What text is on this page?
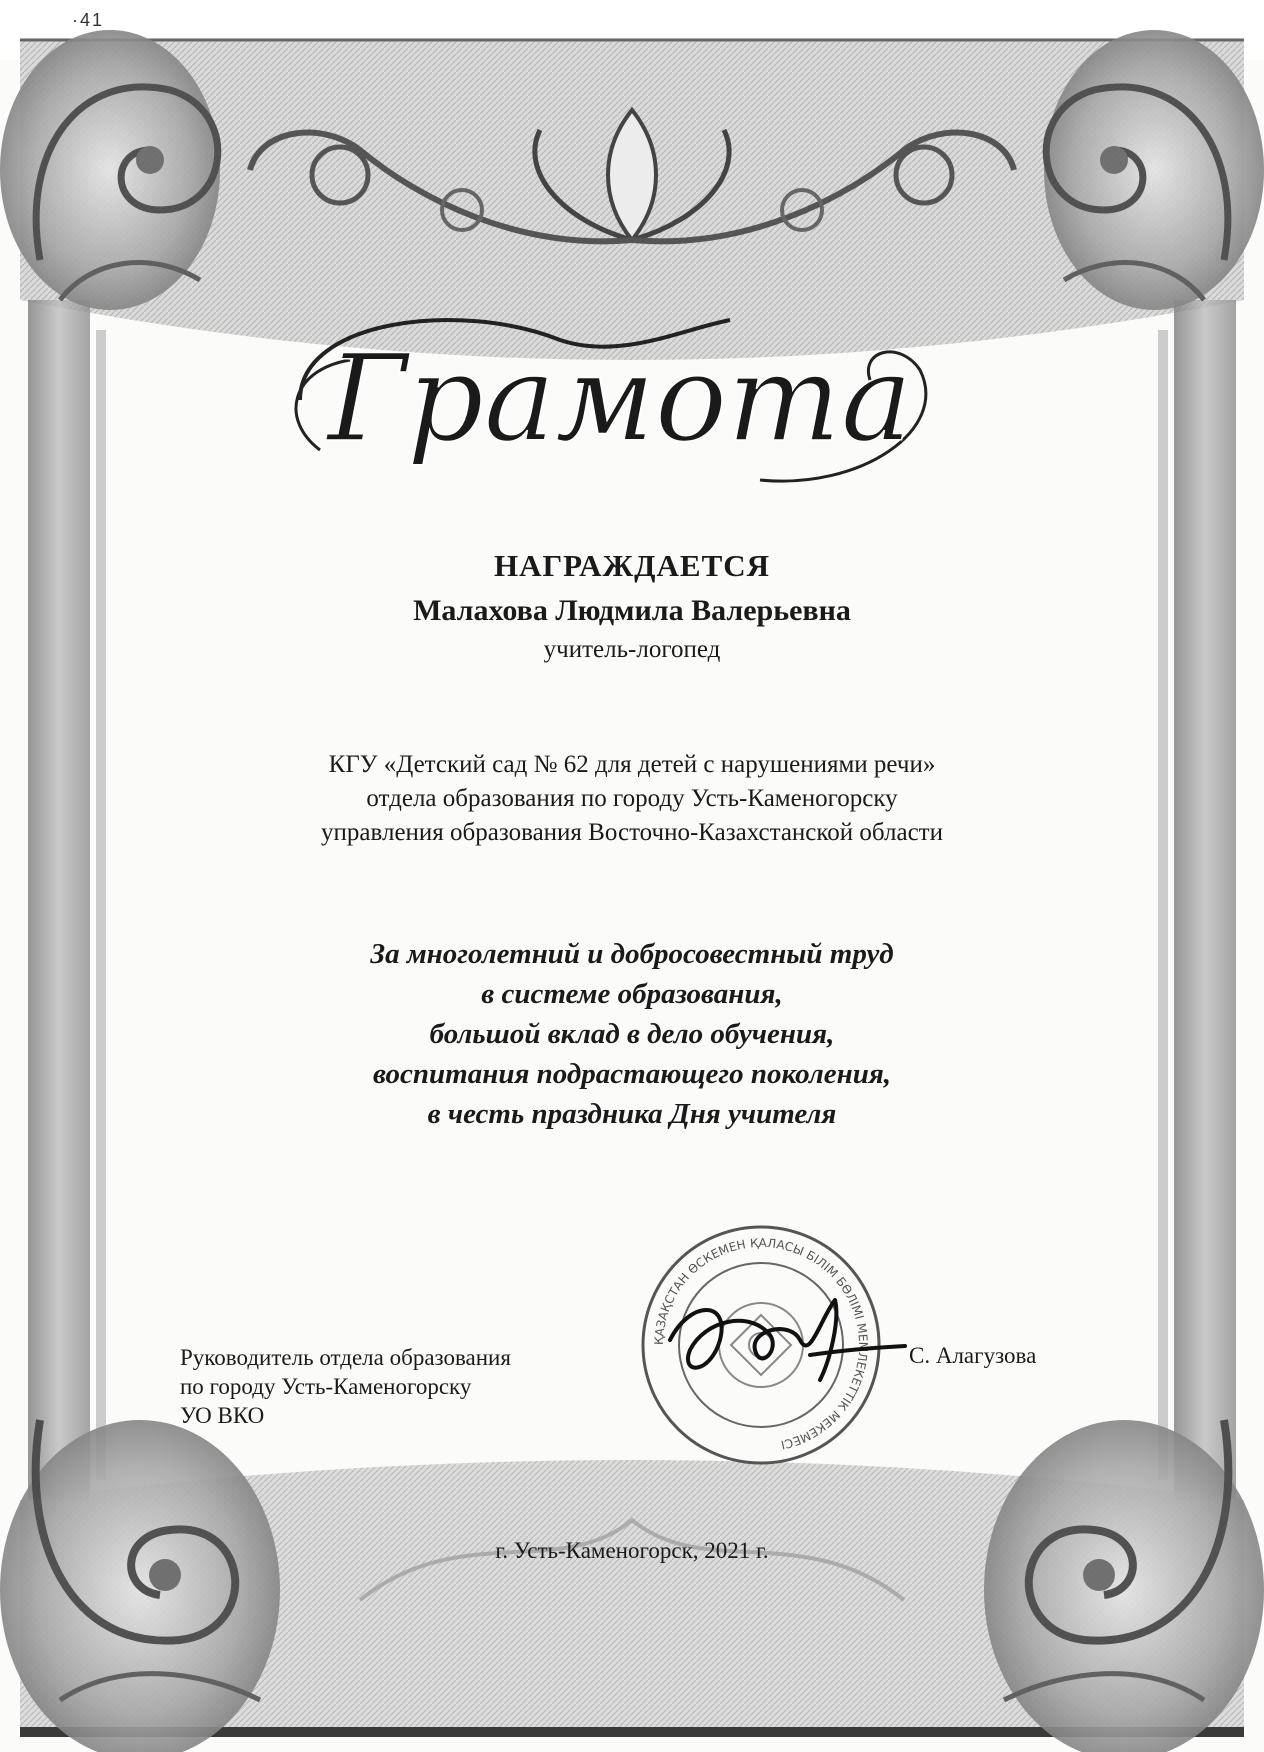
·41
Грамота
НАГРАЖДАЕТСЯ
Малахова Людмила Валерьевна
учитель-логопед
КГУ «Детский сад № 62 для детей с нарушениями речи»
отдела образования по городу Усть-Каменогорску
управления образования Восточно-Казахстанской области
За многолетний и добросовестный труд
в системе образования,
большой вклад в дело обучения,
воспитания подрастающего поколения,
в честь праздника Дня учителя
ҚАЗАҚСТАН ӨСКЕМЕН ҚАЛАСЫ БІЛІМ БӨЛІМІ МЕМЛЕКЕТТІК МЕКЕМЕСІ
Руководитель отдела образования
по городу Усть-Каменогорску
УО ВКО
С. Алагузова
г. Усть-Каменогорск, 2021 г.
